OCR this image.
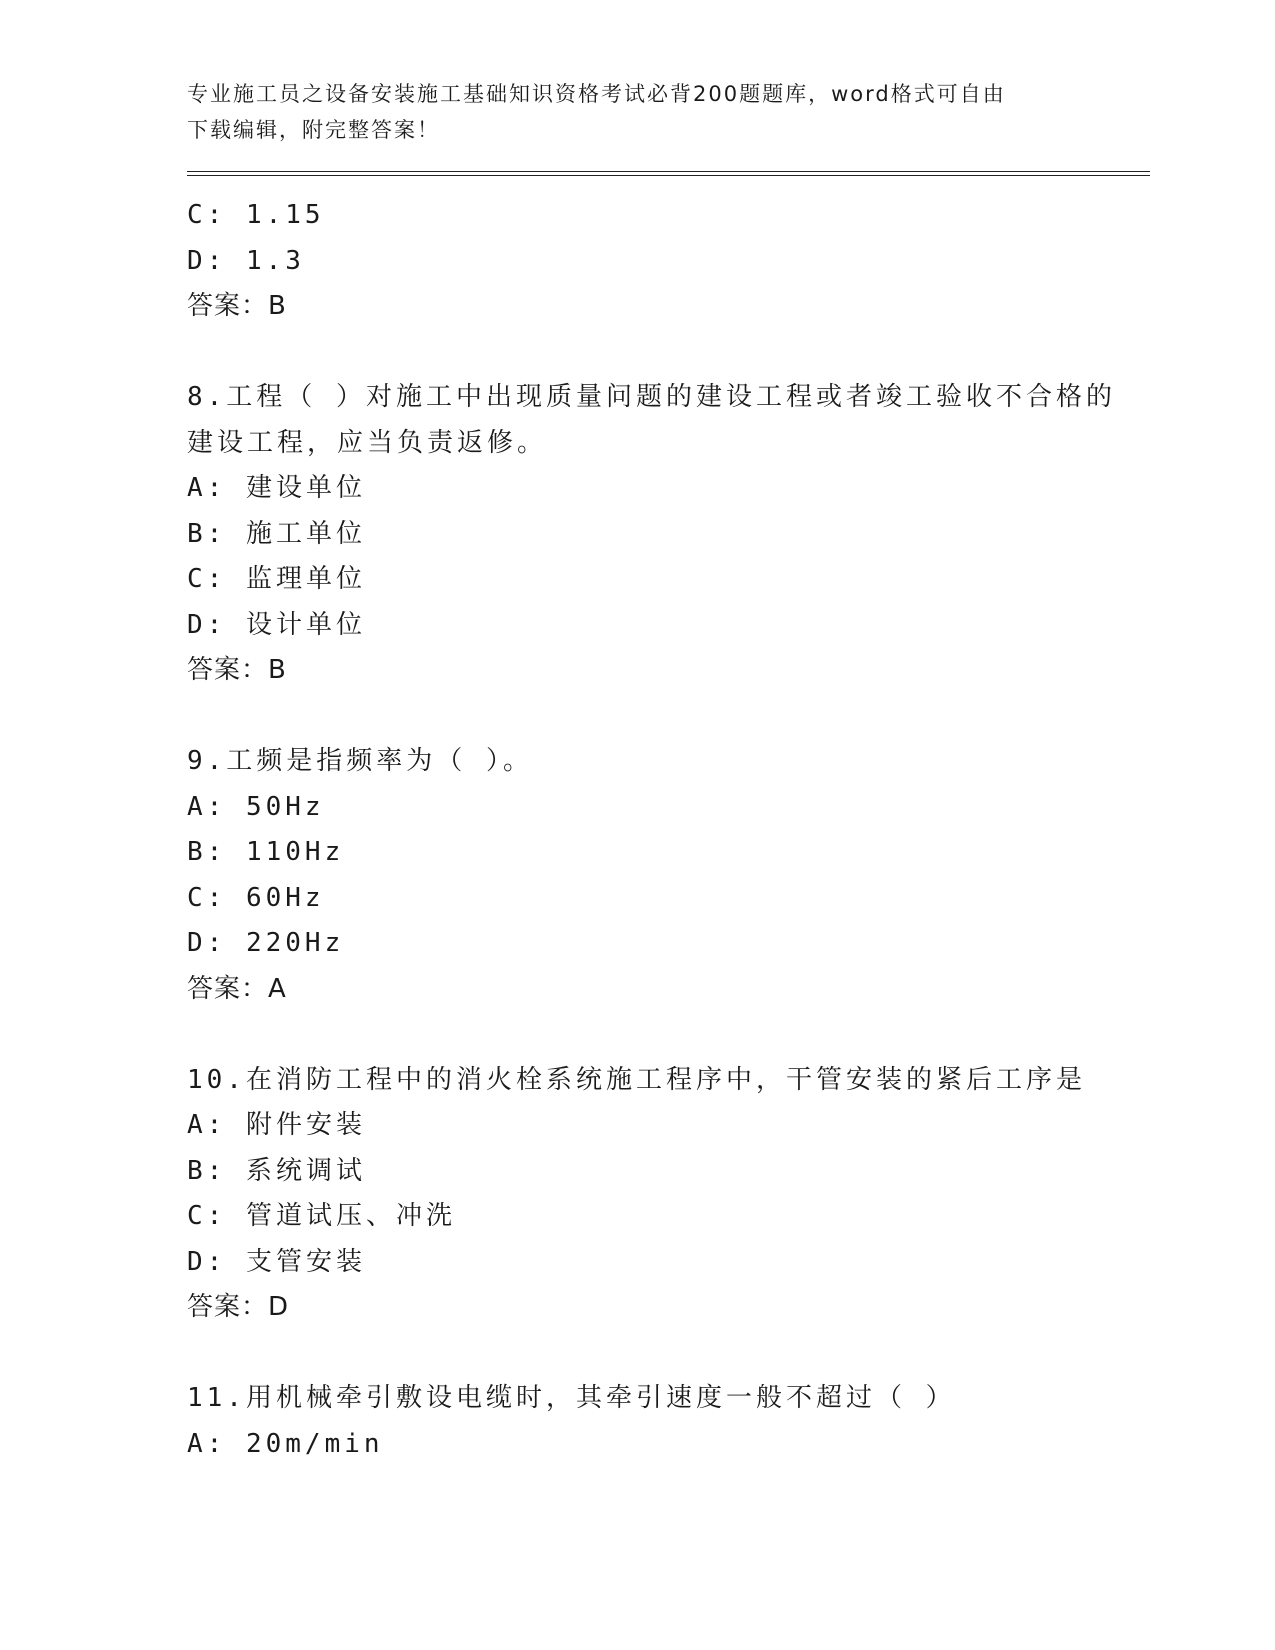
专业施工员之设备安装施工基础知识资格考试必背200题题库，word格式可自由
下载编辑，附完整答案！
C: 1.15
D: 1.3
答案：B
8.工程（ ）对施工中出现质量问题的建设工程或者竣工验收不合格的
建设工程，应当负责返修。
A: 建设单位
B: 施工单位
C: 监理单位
D: 设计单位
答案：B
9.工频是指频率为（ ）。
A: 50Hz
B: 110Hz
C: 60Hz
D: 220Hz
答案：A
10.在消防工程中的消火栓系统施工程序中，干管安装的紧后工序是
A: 附件安装
B: 系统调试
C: 管道试压、冲洗
D: 支管安装
答案：D
11.用机械牵引敷设电缆时，其牵引速度一般不超过（ ）
A: 20m/min
